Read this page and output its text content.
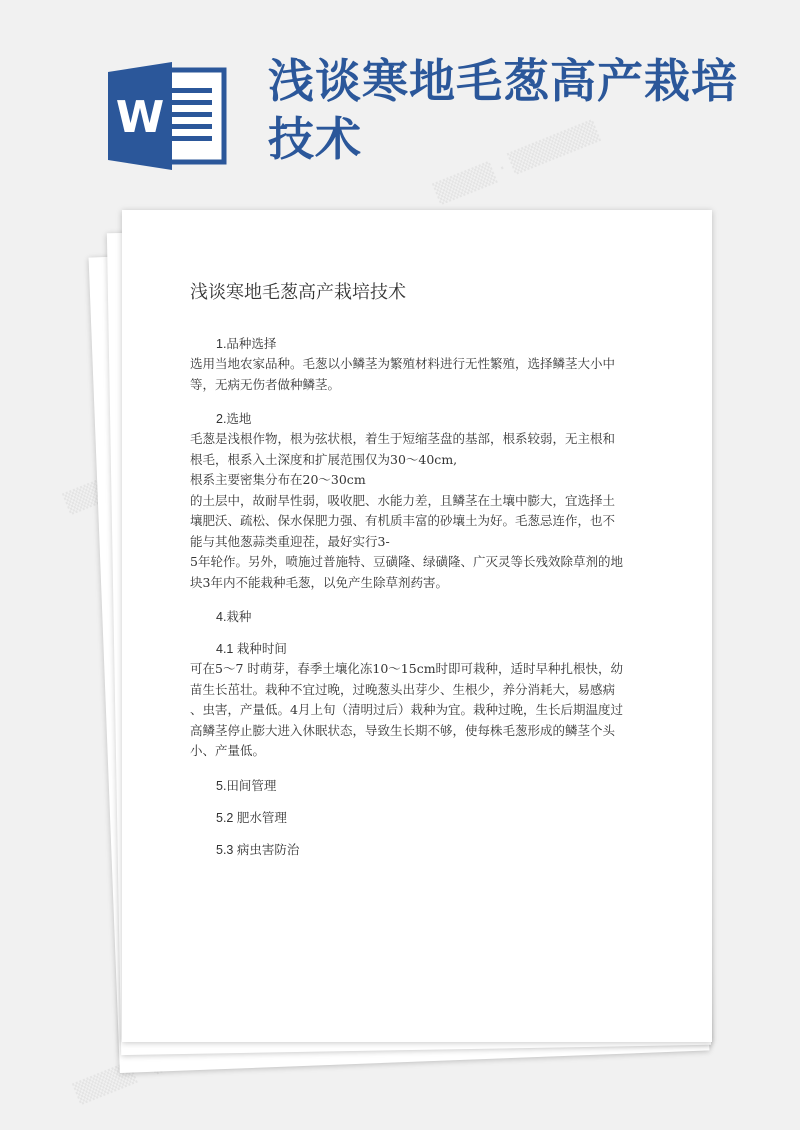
▒▒▒▒ · ▒▒▒▒▒▒
▒▒▒▒
▒▒▒▒
W
浅谈寒地毛葱高产栽培技术
浅谈寒地毛葱高产栽培技术
1.品种选择
选用当地农家品种。毛葱以小鳞茎为繁殖材料进行无性繁殖，选择鳞茎大小中
等，无病无伤者做种鳞茎。
2.选地
毛葱是浅根作物，根为弦状根，着生于短缩茎盘的基部，根系较弱，无主根和
根毛，根系入土深度和扩展范围仅为30～40cm,
根系主要密集分布在20～30cm
的土层中，故耐旱性弱，吸收肥、水能力差，且鳞茎在土壤中膨大，宜选择土
壤肥沃、疏松、保水保肥力强、有机质丰富的砂壤土为好。毛葱忌连作，也不
能与其他葱蒜类重迎茬，最好实行3-
5年轮作。另外，喷施过普施特、豆磺隆、绿磺隆、广灭灵等长残效除草剂的地
块3年内不能栽种毛葱，以免产生除草剂药害。
4.栽种
4.1 栽种时间
可在5～7 时萌芽，春季土壤化冻10～15cm时即可栽种，适时早种扎根快，幼
苗生长茁壮。栽种不宜过晚，过晚葱头出芽少、生根少，养分消耗大，易感病
、虫害，产量低。4月上旬（清明过后）栽种为宜。栽种过晚，生长后期温度过
高鳞茎停止膨大进入休眠状态，导致生长期不够，使每株毛葱形成的鳞茎个头
小、产量低。
5.田间管理
5.2 肥水管理
5.3 病虫害防治
